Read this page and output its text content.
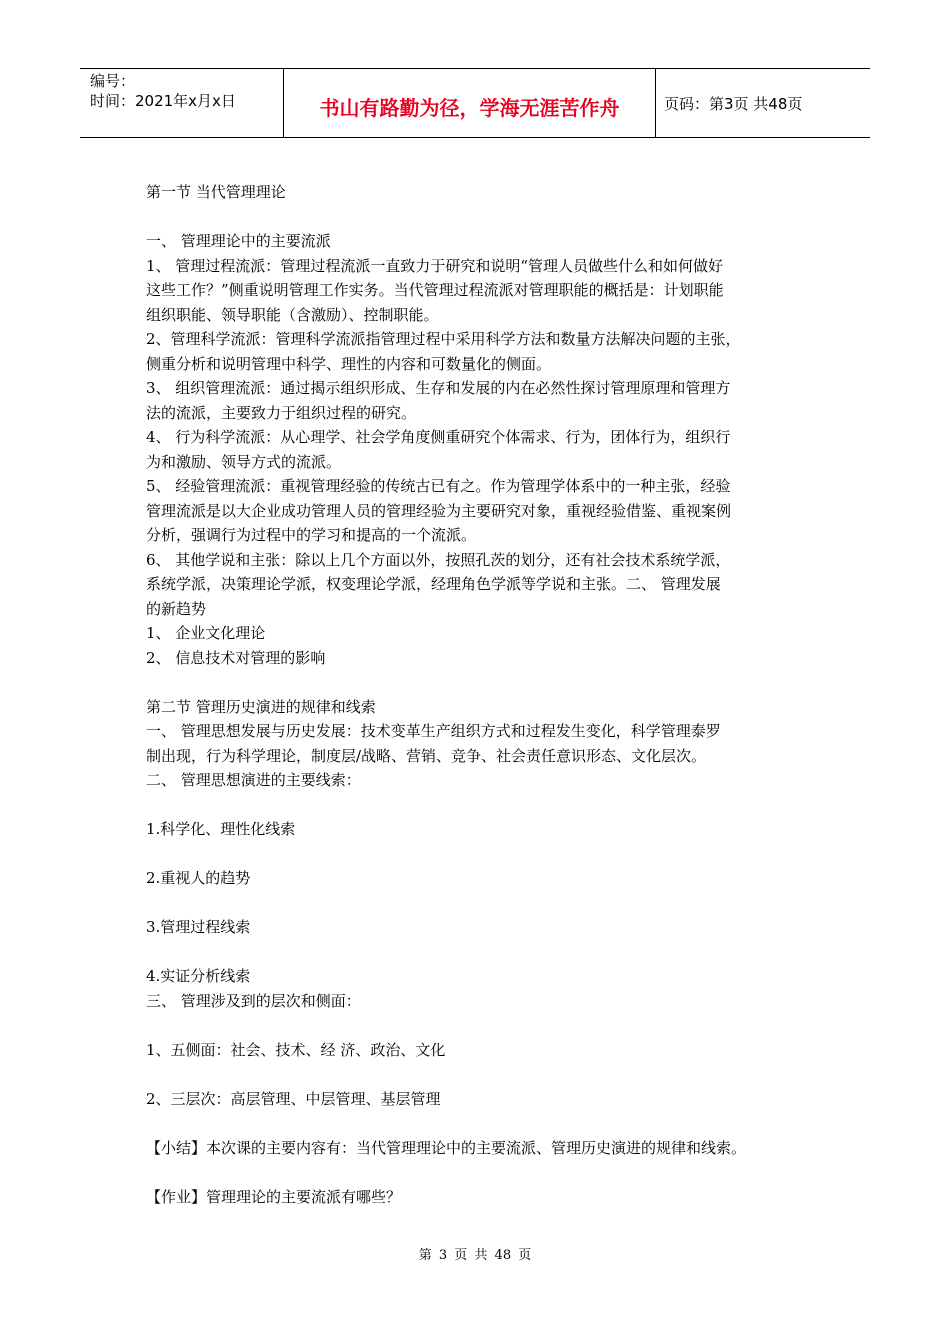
编号：
时间：2021年x月x日	书山有路勤为径，学海无涯苦作舟	页码：第3页 共48页

第一节 当代管理理论

一、 管理理论中的主要流派

1、 管理过程流派：管理过程流派一直致力于研究和说明“管理人员做些什么和如何做好

这些工作？”侧重说明管理工作实务。当代管理过程流派对管理职能的概括是：计划职能

组织职能、领导职能（含激励）、控制职能。

2、管理科学流派：管理科学流派指管理过程中采用科学方法和数量方法解决问题的主张，

侧重分析和说明管理中科学、理性的内容和可数量化的侧面。

3、 组织管理流派：通过揭示组织形成、生存和发展的内在必然性探讨管理原理和管理方

法的流派，主要致力于组织过程的研究。

4、 行为科学流派：从心理学、社会学角度侧重研究个体需求、行为，团体行为，组织行

为和激励、领导方式的流派。

5、 经验管理流派：重视管理经验的传统古已有之。作为管理学体系中的一种主张，经验

管理流派是以大企业成功管理人员的管理经验为主要研究对象，重视经验借鉴、重视案例

分析，强调行为过程中的学习和提高的一个流派。

6、 其他学说和主张：除以上几个方面以外，按照孔茨的划分，还有社会技术系统学派，

系统学派，决策理论学派，权变理论学派，经理角色学派等学说和主张。二、 管理发展

的新趋势

1、 企业文化理论

2、 信息技术对管理的影响

第二节 管理历史演进的规律和线索

一、 管理思想发展与历史发展：技术变革生产组织方式和过程发生变化，科学管理泰罗

制出现，行为科学理论，制度层/战略、营销、竞争、社会责任意识形态、文化层次。

二、 管理思想演进的主要线索：

1.科学化、理性化线索

2.重视人的趋势

3.管理过程线索

4.实证分析线索

三、 管理涉及到的层次和侧面：

1、五侧面：社会、技术、经 济、政治、文化

2、三层次：高层管理、中层管理、基层管理

【小结】本次课的主要内容有：当代管理理论中的主要流派、管理历史演进的规律和线索。

【作业】管理理论的主要流派有哪些？

第 3 页 共 48 页
